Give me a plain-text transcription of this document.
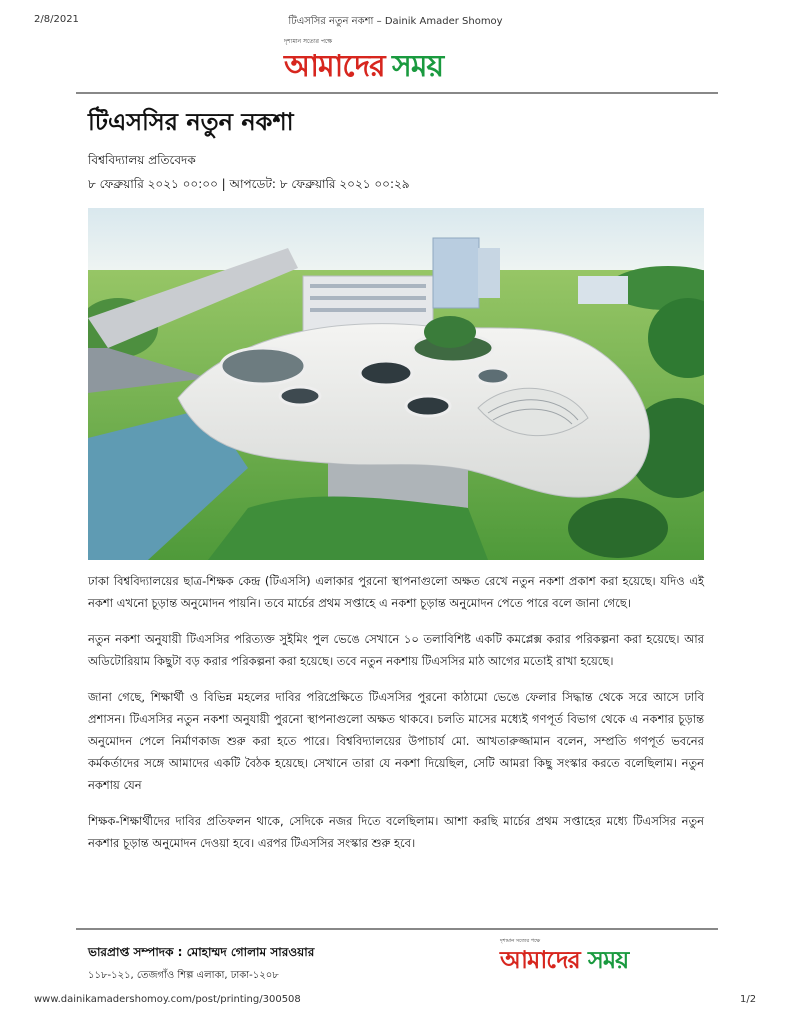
2/8/2021	টিএসসির নতুন নকশা – Dainik Amader Shomoy
দৃশ্যমান সত্যের পক্ষে
আমাদের সময়
টিএসসির নতুন নকশা
বিশ্ববিদ্যালয় প্রতিবেদক
৮ ফেব্রুয়ারি ২০২১ ০০:০০ | আপডেট: ৮ ফেব্রুয়ারি ২০২১ ০০:২৯

ঢাকা বিশ্ববিদ্যালয়ের ছাত্র-শিক্ষক কেন্দ্র (টিএসসি) এলাকার পুরনো স্থাপনাগুলো অক্ষত রেখে নতুন নকশা প্রকাশ করা হয়েছে। যদিও এই নকশা এখনো চূড়ান্ত অনুমোদন পায়নি। তবে মার্চের প্রথম সপ্তাহে এ নকশা চূড়ান্ত অনুমোদন পেতে পারে বলে জানা গেছে।

নতুন নকশা অনুযায়ী টিএসসির পরিত্যক্ত সুইমিং পুল ভেঙে সেখানে ১০ তলাবিশিষ্ট একটি কমপ্লেক্স করার পরিকল্পনা করা হয়েছে। আর অডিটোরিয়াম কিছুটা বড় করার পরিকল্পনা করা হয়েছে। তবে নতুন নকশায় টিএসসির মাঠ আগের মতোই রাখা হয়েছে।

জানা গেছে, শিক্ষার্থী ও বিভিন্ন মহলের দাবির পরিপ্রেক্ষিতে টিএসসির পুরনো কাঠামো ভেঙে ফেলার সিদ্ধান্ত থেকে সরে আসে ঢাবি প্রশাসন। টিএসসির নতুন নকশা অনুযায়ী পুরনো স্থাপনাগুলো অক্ষত থাকবে। চলতি মাসের মধ্যেই গণপূর্ত বিভাগ থেকে এ নকশার চূড়ান্ত অনুমোদন পেলে নির্মাণকাজ শুরু করা হতে পারে। বিশ্ববিদ্যালয়ের উপাচার্য মো. আখতারুজ্জামান বলেন, সম্প্রতি গণপূর্ত ভবনের কর্মকর্তাদের সঙ্গে আমাদের একটি বৈঠক হয়েছে। সেখানে তারা যে নকশা দিয়েছিল, সেটি আমরা কিছু সংস্কার করতে বলেছিলাম। নতুন নকশায় যেন

শিক্ষক-শিক্ষার্থীদের দাবির প্রতিফলন থাকে, সেদিকে নজর দিতে বলেছিলাম। আশা করছি মার্চের প্রথম সপ্তাহের মধ্যে টিএসসির নতুন নকশার চূড়ান্ত অনুমোদন দেওয়া হবে। এরপর টিএসসির সংস্কার শুরু হবে।

ভারপ্রাপ্ত সম্পাদক : মোহাম্মদ গোলাম সারওয়ার
১১৮-১২১, তেজগাঁও শিল্প এলাকা, ঢাকা-১২০৮
দৃশ্যমান সত্যের পক্ষে
আমাদের সময়
www.dainikamadershomoy.com/post/printing/300508	1/2
